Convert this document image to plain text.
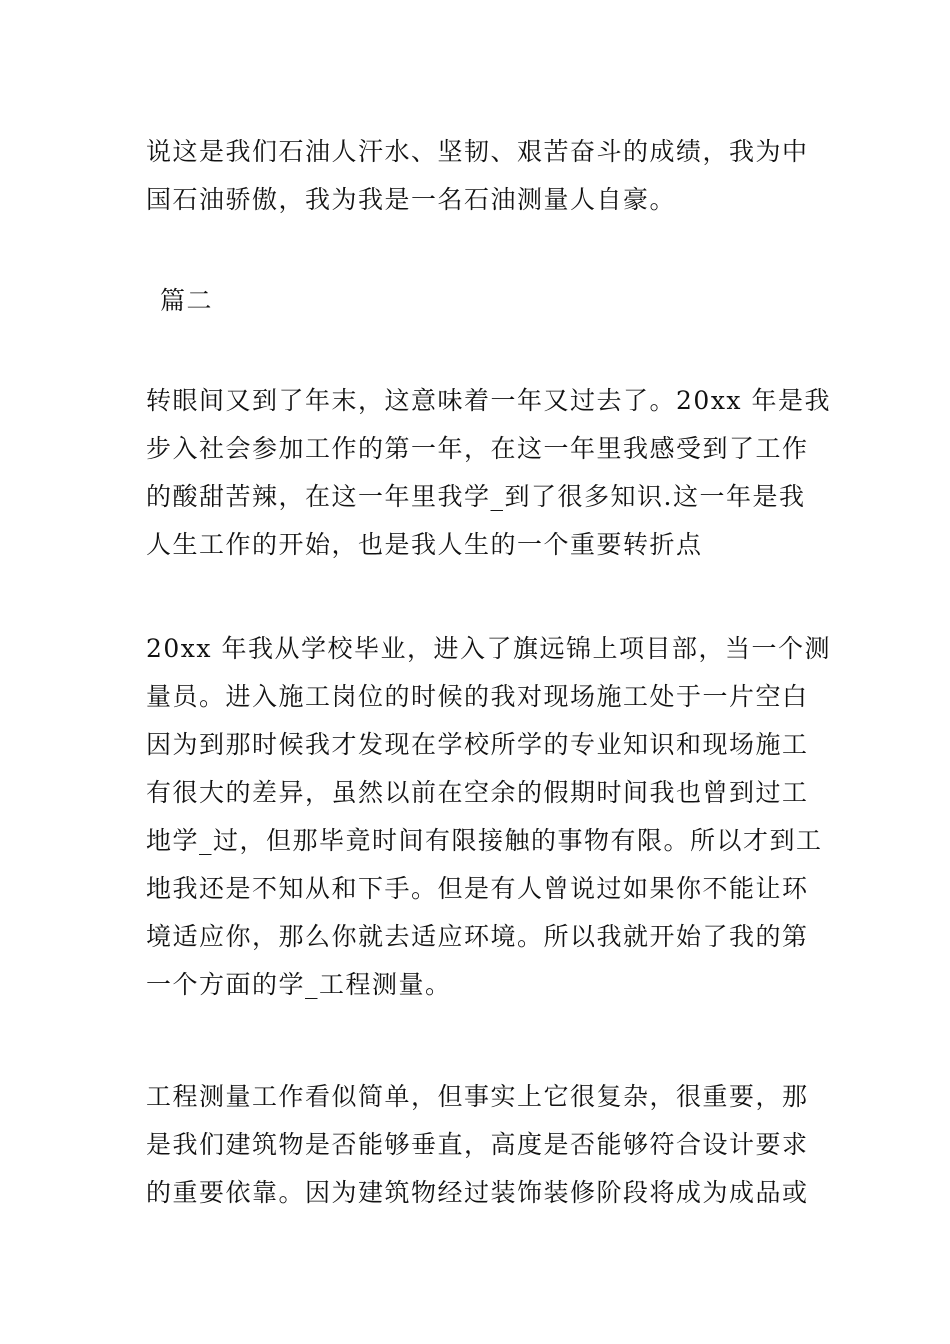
说这是我们石油人汗水、坚韧、艰苦奋斗的成绩，我为中
国石油骄傲，我为我是一名石油测量人自豪。
篇二
转眼间又到了年末，这意味着一年又过去了。20xx 年是我
步入社会参加工作的第一年，在这一年里我感受到了工作
的酸甜苦辣，在这一年里我学_到了很多知识.这一年是我
人生工作的开始，也是我人生的一个重要转折点
20xx 年我从学校毕业，进入了旗远锦上项目部，当一个测
量员。进入施工岗位的时候的我对现场施工处于一片空白
因为到那时候我才发现在学校所学的专业知识和现场施工
有很大的差异，虽然以前在空余的假期时间我也曾到过工
地学_过，但那毕竟时间有限接触的事物有限。所以才到工
地我还是不知从和下手。但是有人曾说过如果你不能让环
境适应你，那么你就去适应环境。所以我就开始了我的第
一个方面的学_工程测量。
工程测量工作看似简单，但事实上它很复杂，很重要，那
是我们建筑物是否能够垂直，高度是否能够符合设计要求
的重要依靠。因为建筑物经过装饰装修阶段将成为成品或
